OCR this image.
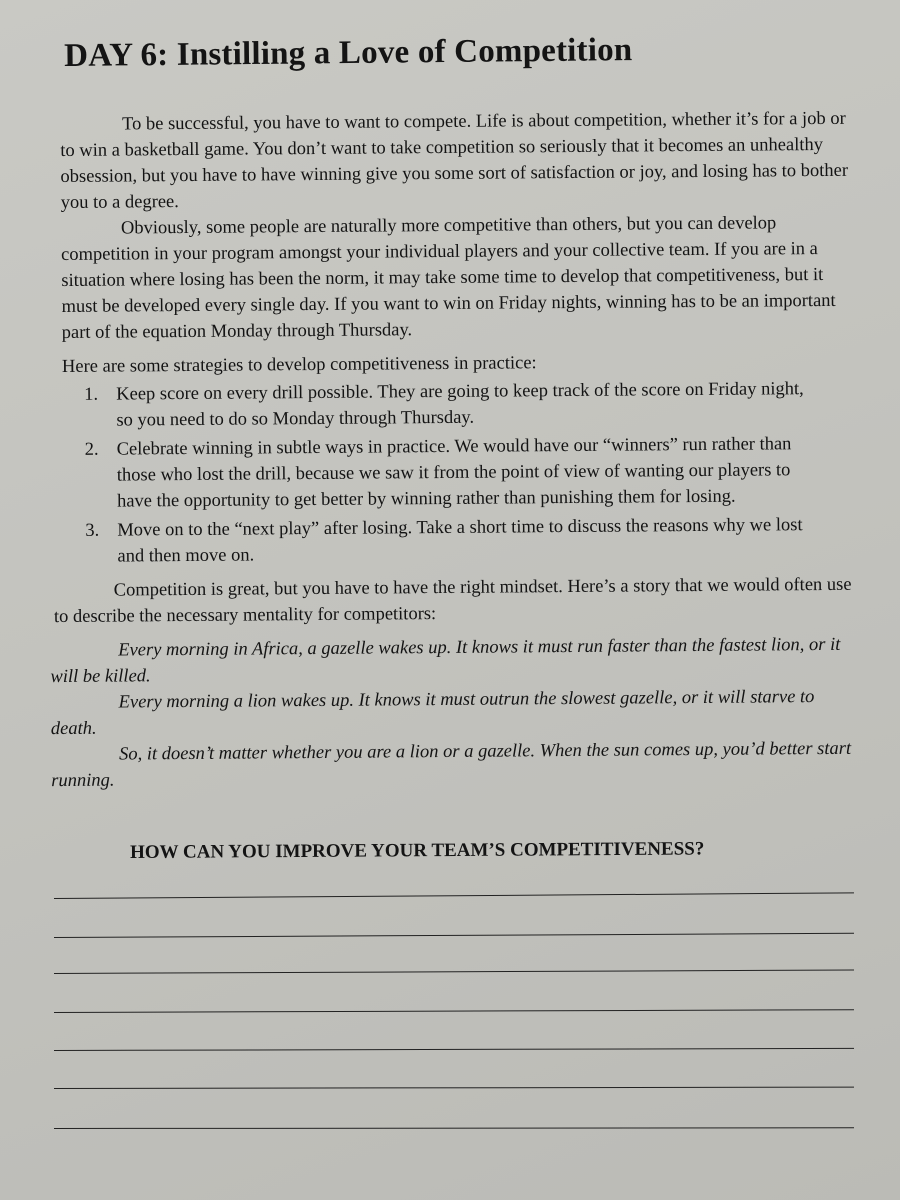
DAY 6: Instilling a Love of Competition

To be successful, you have to want to compete. Life is about competition, whether it’s for a job or to win a basketball game. You don’t want to take competition so seriously that it becomes an unhealthy obsession, but you have to have winning give you some sort of satisfaction or joy, and losing has to bother you to a degree.

Obviously, some people are naturally more competitive than others, but you can develop competition in your program amongst your individual players and your collective team. If you are in a situation where losing has been the norm, it may take some time to develop that competitiveness, but it must be developed every single day. If you want to win on Friday nights, winning has to be an important part of the equation Monday through Thursday.

Here are some strategies to develop competitiveness in practice:

1. Keep score on every drill possible. They are going to keep track of the score on Friday night, so you need to do so Monday through Thursday.
2. Celebrate winning in subtle ways in practice. We would have our “winners” run rather than those who lost the drill, because we saw it from the point of view of wanting our players to have the opportunity to get better by winning rather than punishing them for losing.
3. Move on to the “next play” after losing. Take a short time to discuss the reasons why we lost and then move on.

Competition is great, but you have to have the right mindset. Here’s a story that we would often use to describe the necessary mentality for competitors:

Every morning in Africa, a gazelle wakes up. It knows it must run faster than the fastest lion, or it will be killed.

Every morning a lion wakes up. It knows it must outrun the slowest gazelle, or it will starve to death.

So, it doesn’t matter whether you are a lion or a gazelle. When the sun comes up, you’d better start running.

HOW CAN YOU IMPROVE YOUR TEAM’S COMPETITIVENESS?
